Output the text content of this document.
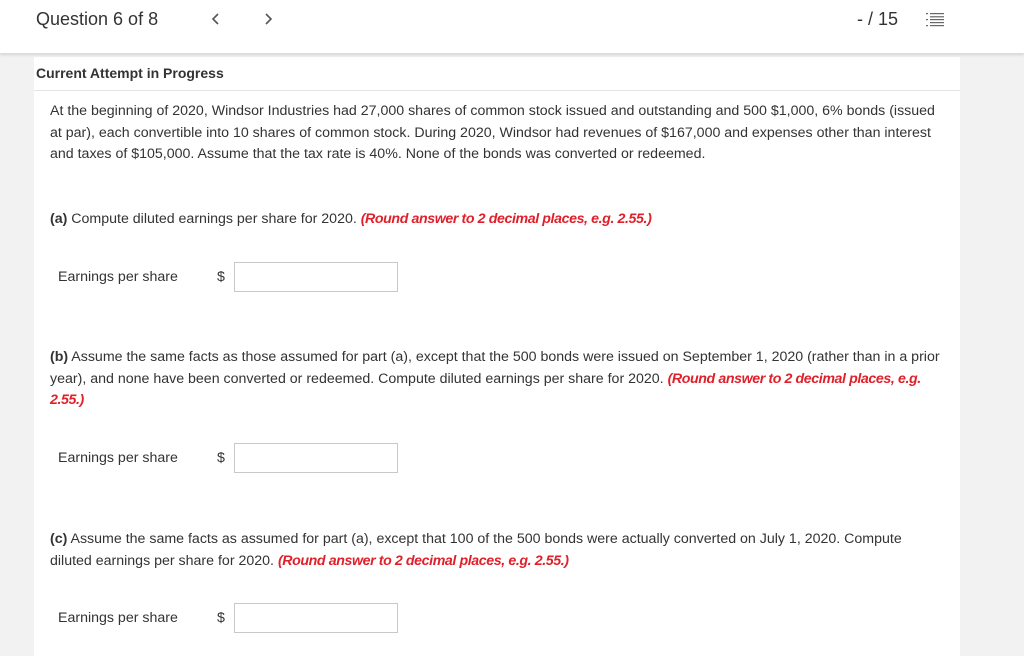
Question 6 of 8	- / 15
Current Attempt in Progress
At the beginning of 2020, Windsor Industries had 27,000 shares of common stock issued and outstanding and 500 $1,000, 6% bonds (issued at par), each convertible into 10 shares of common stock. During 2020, Windsor had revenues of $167,000 and expenses other than interest and taxes of $105,000. Assume that the tax rate is 40%. None of the bonds was converted or redeemed.
(a) Compute diluted earnings per share for 2020. (Round answer to 2 decimal places, e.g. 2.55.)
Earnings per share	$
(b) Assume the same facts as those assumed for part (a), except that the 500 bonds were issued on September 1, 2020 (rather than in a prior year), and none have been converted or redeemed. Compute diluted earnings per share for 2020. (Round answer to 2 decimal places, e.g. 2.55.)
Earnings per share	$
(c) Assume the same facts as assumed for part (a), except that 100 of the 500 bonds were actually converted on July 1, 2020. Compute diluted earnings per share for 2020. (Round answer to 2 decimal places, e.g. 2.55.)
Earnings per share	$
